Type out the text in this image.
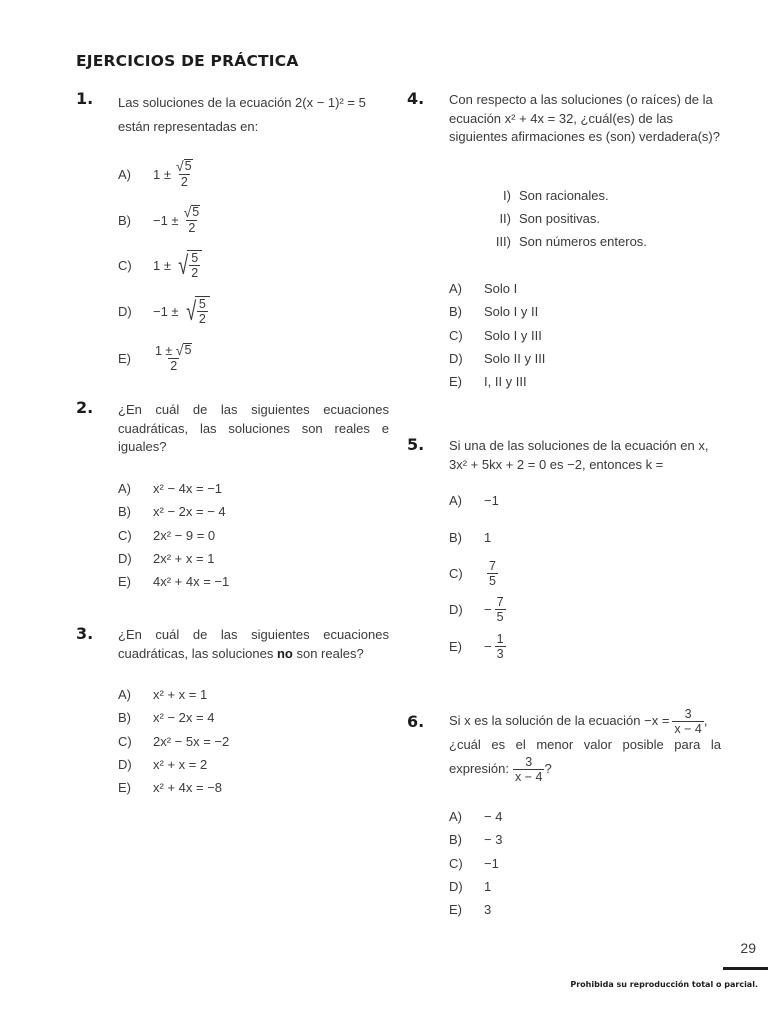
EJERCICIOS DE PRÁCTICA
1. Las soluciones de la ecuación 2(x − 1)² = 5 están representadas en:
A)	$1 \pm \frac{√ 5}{2}$
B)	$-1 \pm \frac{√ 5}{2}$
C)	1 ± √ $\frac{5}{2}$
D)	−1 ± √ $\frac{5}{2}$
E)	$\frac{1 \pm √ 5}{2}$
2. ¿En cuál de las siguientes ecuaciones cuadráticas, las soluciones son reales e iguales?
A)	x² − 4x = −1
B)	x² − 2x = − 4
C)	2x² − 9 = 0
D)	2x² + x = 1
E)	4x² + 4x = −1
3. ¿En cuál de las siguientes ecuaciones cuadráticas, las soluciones no son reales?
A)	x² + x = 1
B)	x² − 2x = 4
C)	2x² − 5x = −2
D)	x² + x = 2
E)	x² + 4x = −8
4. Con respecto a las soluciones (o raíces) de la ecuación x² + 4x = 32, ¿cuál(es) de las siguientes afirmaciones es (son) verdadera(s)?
I) Son racionales.
II) Son positivas.
III) Son números enteros.
A)	Solo I
B)	Solo I y II
C)	Solo I y III
D)	Solo II y III
E)	I, II y III
5. Si una de las soluciones de la ecuación en x, 3x² + 5kx + 2 = 0 es −2, entonces k =
A)	−1
B)	1
C)	$\frac{7}{5}$
D)	− $\frac{7}{5}$
E)	− $\frac{1}{3}$
6. Si x es la solución de la ecuación $-x = \frac{3}{x - 4}$ ,
¿cuál es el menor valor posible para la
expresión: $\frac{3}{x - 4}$ ?
A)	− 4
B)	− 3
C)	−1
D)	1
E)	3
29
Prohibida su reproducción total o parcial.
